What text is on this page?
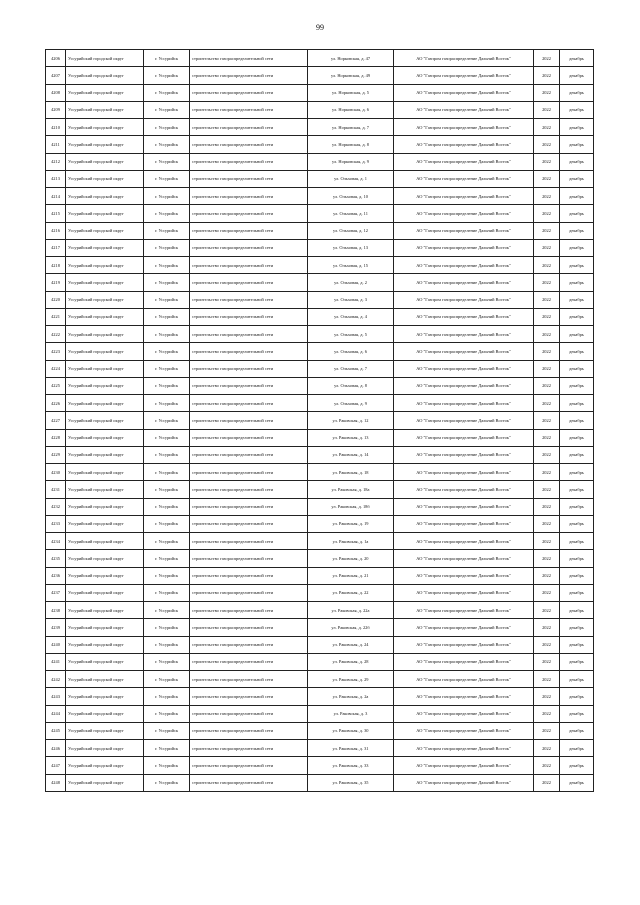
99
4206	Уссурийский городской округ	г. Уссурийск	строительство газораспределительной сети	ул. Норковская, д. 47	АО "Газпром газораспределение Дальний Восток"	2022	декабрь
4207	Уссурийский городской округ	г. Уссурийск	строительство газораспределительной сети	ул. Норковская, д. 49	АО "Газпром газораспределение Дальний Восток"	2022	декабрь
4208	Уссурийский городской округ	г. Уссурийск	строительство газораспределительной сети	ул. Норковская, д. 5	АО "Газпром газораспределение Дальний Восток"	2022	декабрь
4209	Уссурийский городской округ	г. Уссурийск	строительство газораспределительной сети	ул. Норковская, д. 6	АО "Газпром газораспределение Дальний Восток"	2022	декабрь
4210	Уссурийский городской округ	г. Уссурийск	строительство газораспределительной сети	ул. Норковская, д. 7	АО "Газпром газораспределение Дальний Восток"	2022	декабрь
4211	Уссурийский городской округ	г. Уссурийск	строительство газораспределительной сети	ул. Норковская, д. 8	АО "Газпром газораспределение Дальний Восток"	2022	декабрь
4212	Уссурийский городской округ	г. Уссурийск	строительство газораспределительной сети	ул. Норковская, д. 9	АО "Газпром газораспределение Дальний Восток"	2022	декабрь
4213	Уссурийский городской округ	г. Уссурийск	строительство газораспределительной сети	ул. Ольховая, д. 1	АО "Газпром газораспределение Дальний Восток"	2022	декабрь
4214	Уссурийский городской округ	г. Уссурийск	строительство газораспределительной сети	ул. Ольховая, д. 10	АО "Газпром газораспределение Дальний Восток"	2022	декабрь
4215	Уссурийский городской округ	г. Уссурийск	строительство газораспределительной сети	ул. Ольховая, д. 11	АО "Газпром газораспределение Дальний Восток"	2022	декабрь
4216	Уссурийский городской округ	г. Уссурийск	строительство газораспределительной сети	ул. Ольховая, д. 12	АО "Газпром газораспределение Дальний Восток"	2022	декабрь
4217	Уссурийский городской округ	г. Уссурийск	строительство газораспределительной сети	ул. Ольховая, д. 13	АО "Газпром газораспределение Дальний Восток"	2022	декабрь
4218	Уссурийский городской округ	г. Уссурийск	строительство газораспределительной сети	ул. Ольховая, д. 15	АО "Газпром газораспределение Дальний Восток"	2022	декабрь
4219	Уссурийский городской округ	г. Уссурийск	строительство газораспределительной сети	ул. Ольховая, д. 2	АО "Газпром газораспределение Дальний Восток"	2022	декабрь
4220	Уссурийский городской округ	г. Уссурийск	строительство газораспределительной сети	ул. Ольховая, д. 3	АО "Газпром газораспределение Дальний Восток"	2022	декабрь
4221	Уссурийский городской округ	г. Уссурийск	строительство газораспределительной сети	ул. Ольховая, д. 4	АО "Газпром газораспределение Дальний Восток"	2022	декабрь
4222	Уссурийский городской округ	г. Уссурийск	строительство газораспределительной сети	ул. Ольховая, д. 5	АО "Газпром газораспределение Дальний Восток"	2022	декабрь
4223	Уссурийский городской округ	г. Уссурийск	строительство газораспределительной сети	ул. Ольховая, д. 6	АО "Газпром газораспределение Дальний Восток"	2022	декабрь
4224	Уссурийский городской округ	г. Уссурийск	строительство газораспределительной сети	ул. Ольховая, д. 7	АО "Газпром газораспределение Дальний Восток"	2022	декабрь
4225	Уссурийский городской округ	г. Уссурийск	строительство газораспределительной сети	ул. Ольховая, д. 8	АО "Газпром газораспределение Дальний Восток"	2022	декабрь
4226	Уссурийский городской округ	г. Уссурийск	строительство газораспределительной сети	ул. Ольховая, д. 9	АО "Газпром газораспределение Дальний Восток"	2022	декабрь
4227	Уссурийский городской округ	г. Уссурийск	строительство газораспределительной сети	ул. Раковская, д. 12	АО "Газпром газораспределение Дальний Восток"	2022	декабрь
4228	Уссурийский городской округ	г. Уссурийск	строительство газораспределительной сети	ул. Раковская, д. 13	АО "Газпром газораспределение Дальний Восток"	2022	декабрь
4229	Уссурийский городской округ	г. Уссурийск	строительство газораспределительной сети	ул. Раковская, д. 14	АО "Газпром газораспределение Дальний Восток"	2022	декабрь
4230	Уссурийский городской округ	г. Уссурийск	строительство газораспределительной сети	ул. Раковская, д. 18	АО "Газпром газораспределение Дальний Восток"	2022	декабрь
4231	Уссурийский городской округ	г. Уссурийск	строительство газораспределительной сети	ул. Раковская, д. 18а	АО "Газпром газораспределение Дальний Восток"	2022	декабрь
4232	Уссурийский городской округ	г. Уссурийск	строительство газораспределительной сети	ул. Раковская, д. 18б	АО "Газпром газораспределение Дальний Восток"	2022	декабрь
4233	Уссурийский городской округ	г. Уссурийск	строительство газораспределительной сети	ул. Раковская, д. 19	АО "Газпром газораспределение Дальний Восток"	2022	декабрь
4234	Уссурийский городской округ	г. Уссурийск	строительство газораспределительной сети	ул. Раковская, д. 1а	АО "Газпром газораспределение Дальний Восток"	2022	декабрь
4235	Уссурийский городской округ	г. Уссурийск	строительство газораспределительной сети	ул. Раковская, д. 20	АО "Газпром газораспределение Дальний Восток"	2022	декабрь
4236	Уссурийский городской округ	г. Уссурийск	строительство газораспределительной сети	ул. Раковская, д. 21	АО "Газпром газораспределение Дальний Восток"	2022	декабрь
4237	Уссурийский городской округ	г. Уссурийск	строительство газораспределительной сети	ул. Раковская, д. 22	АО "Газпром газораспределение Дальний Восток"	2022	декабрь
4238	Уссурийский городской округ	г. Уссурийск	строительство газораспределительной сети	ул. Раковская, д. 22а	АО "Газпром газораспределение Дальний Восток"	2022	декабрь
4239	Уссурийский городской округ	г. Уссурийск	строительство газораспределительной сети	ул. Раковская, д. 22б	АО "Газпром газораспределение Дальний Восток"	2022	декабрь
4240	Уссурийский городской округ	г. Уссурийск	строительство газораспределительной сети	ул. Раковская, д. 24	АО "Газпром газораспределение Дальний Восток"	2022	декабрь
4241	Уссурийский городской округ	г. Уссурийск	строительство газораспределительной сети	ул. Раковская, д. 28	АО "Газпром газораспределение Дальний Восток"	2022	декабрь
4242	Уссурийский городской округ	г. Уссурийск	строительство газораспределительной сети	ул. Раковская, д. 29	АО "Газпром газораспределение Дальний Восток"	2022	декабрь
4243	Уссурийский городской округ	г. Уссурийск	строительство газораспределительной сети	ул. Раковская, д. 2а	АО "Газпром газораспределение Дальний Восток"	2022	декабрь
4244	Уссурийский городской округ	г. Уссурийск	строительство газораспределительной сети	ул. Раковская, д. 3	АО "Газпром газораспределение Дальний Восток"	2022	декабрь
4245	Уссурийский городской округ	г. Уссурийск	строительство газораспределительной сети	ул. Раковская, д. 30	АО "Газпром газораспределение Дальний Восток"	2022	декабрь
4246	Уссурийский городской округ	г. Уссурийск	строительство газораспределительной сети	ул. Раковская, д. 31	АО "Газпром газораспределение Дальний Восток"	2022	декабрь
4247	Уссурийский городской округ	г. Уссурийск	строительство газораспределительной сети	ул. Раковская, д. 33	АО "Газпром газораспределение Дальний Восток"	2022	декабрь
4248	Уссурийский городской округ	г. Уссурийск	строительство газораспределительной сети	ул. Раковская, д. 35	АО "Газпром газораспределение Дальний Восток"	2022	декабрь
